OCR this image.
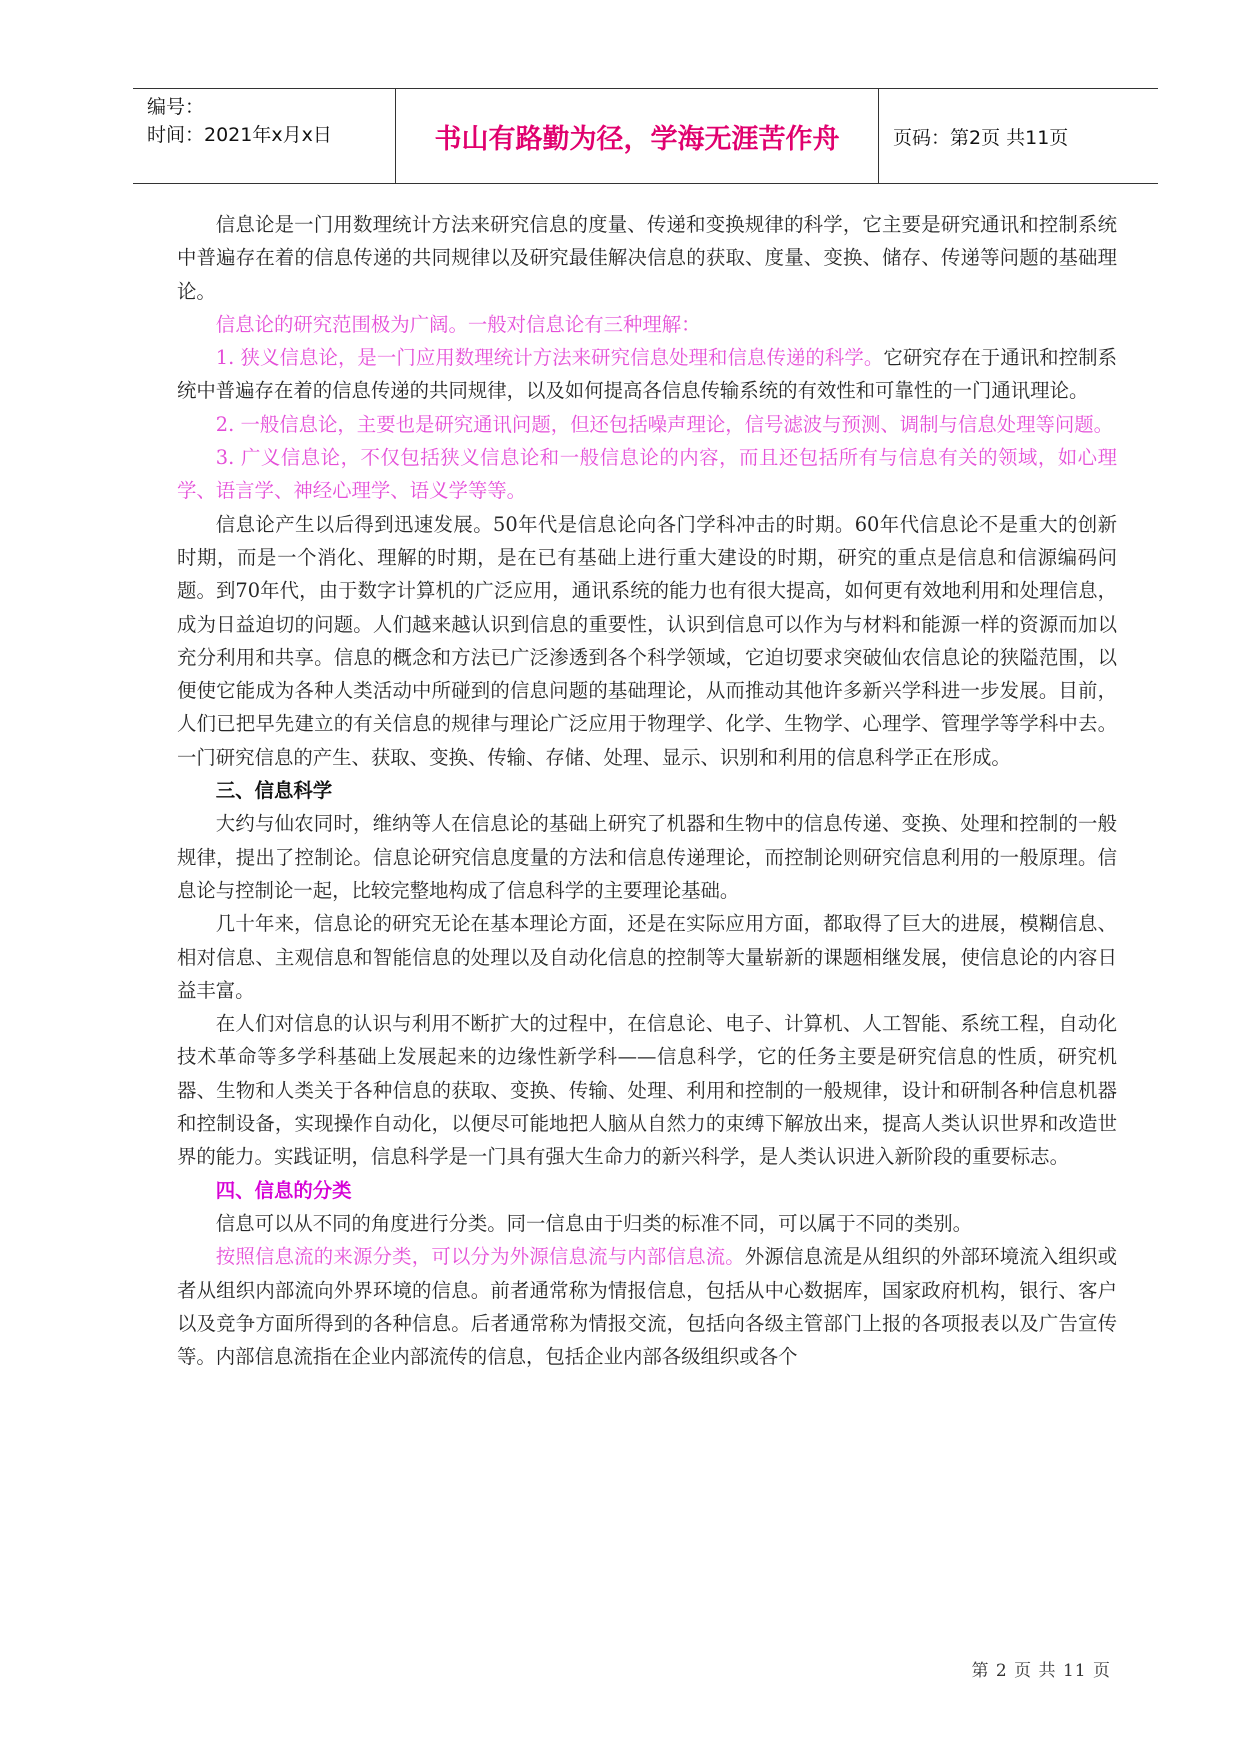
编号：
时间：2021年x月x日	书山有路勤为径，学海无涯苦作舟	页码：第2页 共11页

信息论是一门用数理统计方法来研究信息的度量、传递和变换规律的科学，它主要是研究通讯和控制系统中普遍存在着的信息传递的共同规律以及研究最佳解决信息的获取、度量、变换、储存、传递等问题的基础理论。

信息论的研究范围极为广阔。一般对信息论有三种理解：

1. 狭义信息论，是一门应用数理统计方法来研究信息处理和信息传递的科学。它研究存在于通讯和控制系统中普遍存在着的信息传递的共同规律，以及如何提高各信息传输系统的有效性和可靠性的一门通讯理论。

2. 一般信息论，主要也是研究通讯问题，但还包括噪声理论，信号滤波与预测、调制与信息处理等问题。

3. 广义信息论，不仅包括狭义信息论和一般信息论的内容，而且还包括所有与信息有关的领域，如心理学、语言学、神经心理学、语义学等等。

信息论产生以后得到迅速发展。50年代是信息论向各门学科冲击的时期。60年代信息论不是重大的创新时期，而是一个消化、理解的时期，是在已有基础上进行重大建设的时期，研究的重点是信息和信源编码问题。到70年代，由于数字计算机的广泛应用，通讯系统的能力也有很大提高，如何更有效地利用和处理信息，成为日益迫切的问题。人们越来越认识到信息的重要性，认识到信息可以作为与材料和能源一样的资源而加以充分利用和共享。信息的概念和方法已广泛渗透到各个科学领域，它迫切要求突破仙农信息论的狭隘范围，以便使它能成为各种人类活动中所碰到的信息问题的基础理论，从而推动其他许多新兴学科进一步发展。目前，人们已把早先建立的有关信息的规律与理论广泛应用于物理学、化学、生物学、心理学、管理学等学科中去。一门研究信息的产生、获取、变换、传输、存储、处理、显示、识别和利用的信息科学正在形成。

三、信息科学

大约与仙农同时，维纳等人在信息论的基础上研究了机器和生物中的信息传递、变换、处理和控制的一般规律，提出了控制论。信息论研究信息度量的方法和信息传递理论，而控制论则研究信息利用的一般原理。信息论与控制论一起，比较完整地构成了信息科学的主要理论基础。

几十年来，信息论的研究无论在基本理论方面，还是在实际应用方面，都取得了巨大的进展，模糊信息、相对信息、主观信息和智能信息的处理以及自动化信息的控制等大量崭新的课题相继发展，使信息论的内容日益丰富。

在人们对信息的认识与利用不断扩大的过程中，在信息论、电子、计算机、人工智能、系统工程，自动化技术革命等多学科基础上发展起来的边缘性新学科——信息科学，它的任务主要是研究信息的性质，研究机器、生物和人类关于各种信息的获取、变换、传输、处理、利用和控制的一般规律，设计和研制各种信息机器和控制设备，实现操作自动化，以便尽可能地把人脑从自然力的束缚下解放出来，提高人类认识世界和改造世界的能力。实践证明，信息科学是一门具有强大生命力的新兴科学，是人类认识进入新阶段的重要标志。

四、信息的分类

信息可以从不同的角度进行分类。同一信息由于归类的标准不同，可以属于不同的类别。

按照信息流的来源分类，可以分为外源信息流与内部信息流。外源信息流是从组织的外部环境流入组织或者从组织内部流向外界环境的信息。前者通常称为情报信息，包括从中心数据库，国家政府机构，银行、客户以及竞争方面所得到的各种信息。后者通常称为情报交流，包括向各级主管部门上报的各项报表以及广告宣传等。内部信息流指在企业内部流传的信息，包括企业内部各级组织或各个

第 2 页 共 11 页
